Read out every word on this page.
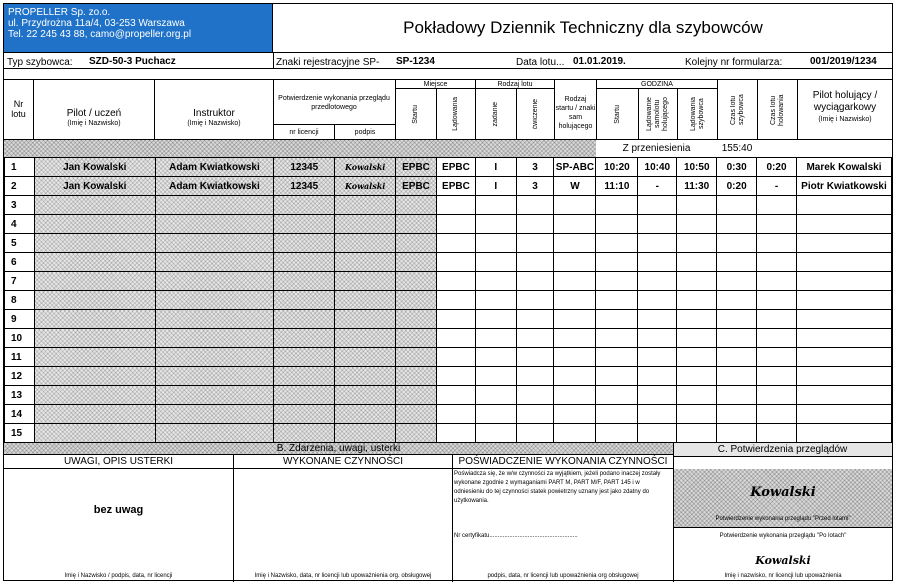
PROPELLER Sp. zo.o.
ul. Przydrożna 11a/4, 03-253 Warszawa
Tel. 22 245 43 88, camo@propeller.org.pl	Pokładowy Dziennik Techniczny dla szybowców
Typ szybowca: SZD-50-3 Puchacz	Znaki rejestracyjne SP- SP-1234	Data lotu... 01.01.2019.	Kolejny nr formularza:	001/2019/1234
Nr
lotu	Pilot / uczeń
(Imię i Nazwisko)
Instruktor
(Imię i Nazwisko)
Potwierdzenie wykonania przeglądu przedlotowego
nr licencji	podpis
Miejsce
Startu	Lądowania
Rodzaj lotu
zadanie	ćwiczenie	Rodzaj startu / znaki sam holującego
GODZINA
Startu	Lądowanie samolotu holującego	Lądowania szybowca	Czas lotu szybowca	Czas lotu holowania	Pilot holujący / wyciągarkowy
(Imię i Nazwisko)
Z przeniesienia	155:40
1	Jan Kowalski	Adam Kwiatkowski	12345	Kowalski	EPBC	EPBC	I	3	SP-ABC	10:20	10:40	10:50	0:30	0:20	Marek Kowalski
2	Jan Kowalski	Adam Kwiatkowski	12345	Kowalski	EPBC	EPBC	I	3	W	11:10	-	11:30	0:20	-	Piotr Kwiatkowski
3															
4															
5															
6															
7															
8															
9															
10															
11															
12															
13															
14															
15															
B. Zdarzenia, uwagi, usterki	C. Potwierdzenia przeglądów
UWAGI, OPIS USTERKI	WYKONANE CZYNNOŚCI	POŚWIADCZENIE WYKONANIA CZYNNOŚCI
bez uwag
Poświadcza się, że w/w czynności za wyjątkiem, jeżeli podano inaczej zostały wykonane zgodnie z wymaganiami PART M, PART M/F, PART 145 i w odniesieniu do tej czynności statek powietrzny uznany jest jako zdatny do użytkowania.
Nr certyfikatu.....................................................
Imię i Nazwisko / podpis, data, nr licencji	Imię i Nazwisko, data, nr licencji lub upoważnienia org. obsługowej	podpis, data, nr licencji lub upoważnienia org obsługowej
Kowalski
Potwierdzenie wykonania przeglądu "Przed lotami"
Potwierdzenie wykonania przeglądu "Po lotach"
Kowalski
Imię i nazwisko, nr licencji lub upoważnienia
